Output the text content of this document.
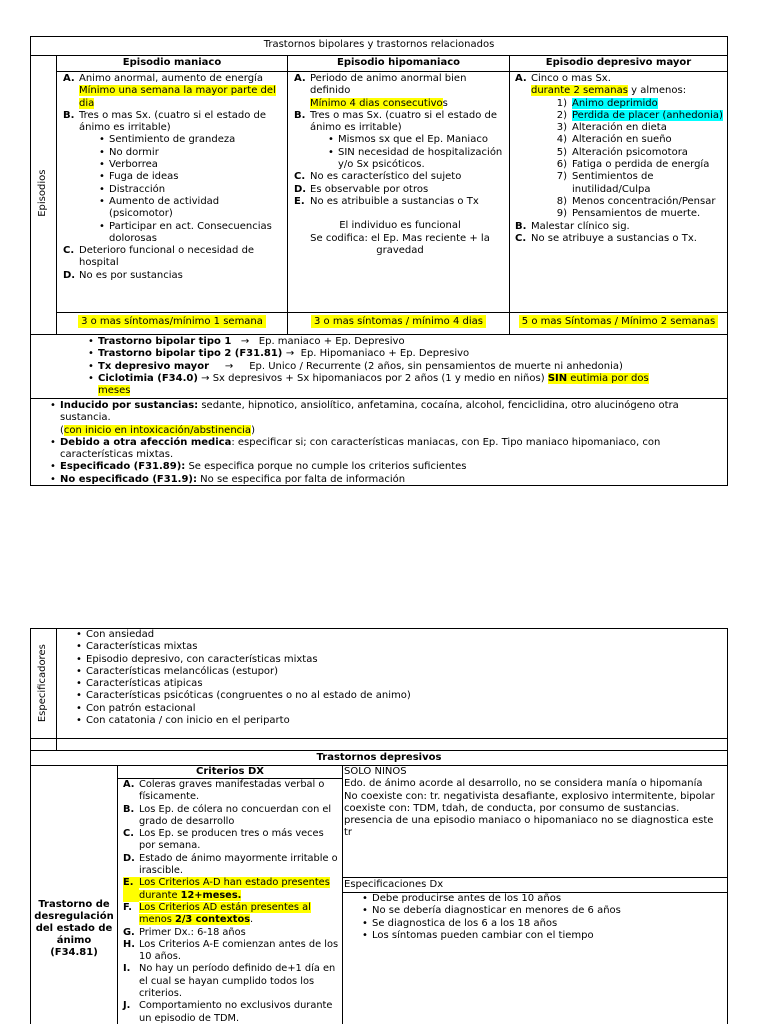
Trastornos bipolares y trastornos relacionados
Episodios
Episodio maniaco	Episodio hipomaniaco	Episodio depresivo mayor
A. Animo anormal, aumento de energía
Mínimo una semana la mayor parte del dia
B. Tres o mas Sx. (cuatro si el estado de ánimo es irritable)
• Sentimiento de grandeza
• No dormir
• Verborrea
• Fuga de ideas
• Distracción
• Aumento de actividad (psicomotor)
• Participar en act. Consecuencias dolorosas
C. Deterioro funcional o necesidad de hospital
D. No es por sustancias
3 o mas síntomas/mínimo 1 semana
A. Periodo de animo anormal bien definido
Mínimo 4 dias consecutivos
B. Tres o mas Sx. (cuatro si el estado de ánimo es irritable)
• Mismos sx que el Ep. Maniaco
• SIN necesidad de hospitalización y/o Sx psicóticos.
C. No es característico del sujeto
D. Es observable por otros
E. No es atribuible a sustancias o Tx
El individuo es funcional
Se codifica: el Ep. Mas reciente + la gravedad
3 o mas síntomas / mínimo 4 dias
A. Cinco o mas Sx.
durante 2 semanas y almenos:
1) Animo deprimido
2) Perdida de placer (anhedonia)
3) Alteración en dieta
4) Alteración en sueño
5) Alteración psicomotora
6) Fatiga o perdida de energía
7) Sentimientos de inutilidad/Culpa
8) Menos concentración/Pensar
9) Pensamientos de muerte.
B. Malestar clínico sig.
C. No se atribuye a sustancias o Tx.
5 o mas Síntomas / Mínimo 2 semanas
• Trastorno bipolar tipo 1 → Ep. maniaco + Ep. Depresivo
• Trastorno bipolar tipo 2 (F31.81) → Ep. Hipomaniaco + Ep. Depresivo
• Tx depresivo mayor → Ep. Unico / Recurrente (2 años, sin pensamientos de muerte ni anhedonia)
• Ciclotimia (F34.0) → Sx depresivos + Sx hipomaniacos por 2 años (1 y medio en niños) SIN eutimia por dos
meses
• Inducido por sustancias: sedante, hipnotico, ansiolítico, anfetamina, cocaína, alcohol, fenciclidina, otro alucinógeno otra sustancia.
(con inicio en intoxicación/abstinencia)
• Debido a otra afección medica: especificar si; con características maniacas, con Ep. Tipo maniaco hipomaniaco, con características mixtas.
• Especificado (F31.89): Se especifica porque no cumple los criterios suficientes
• No especificado (F31.9): No se especifica por falta de información
Especificadores
• Con ansiedad
• Características mixtas
• Episodio depresivo, con características mixtas
• Características melancólicas (estupor)
• Características atipicas
• Características psicóticas (congruentes o no al estado de animo)
• Con patrón estacional
• Con catatonia / con inicio en el periparto
Trastornos depresivos
Trastorno de desregulación del estado de ánimo (F34.81)
Criterios DX
A. Coleras graves manifestadas verbal o físicamente.
B. Los Ep. de cólera no concuerdan con el grado de desarrollo
C. Los Ep. se producen tres o más veces por semana.
D. Estado de ánimo mayormente irritable o irascible.
E. Los Criterios A-D han estado presentes durante 12+meses.
F. Los Criterios AD están presentes al menos 2/3 contextos.
G. Primer Dx.: 6-18 años
H. Los Criterios A-E comienzan antes de los 10 años.
I. No hay un período definido de+1 día en el cual se hayan cumplido todos los criterios.
J. Comportamiento no exclusivos durante un episodio de TDM.
SOLO NIÑOS
Edo. de ánimo acorde al desarrollo, no se considera manía o hipomanía
No coexiste con: tr. negativista desafiante, explosivo intermitente, bipolar
coexiste con: TDM, tdah, de conducta, por consumo de sustancias.
presencia de una episodio maniaco o hipomaniaco no se diagnostica este tr
Especificaciones Dx
• Debe producirse antes de los 10 años
• No se debería diagnosticar en menores de 6 años
• Se diagnostica de los 6 a los 18 años
• Los síntomas pueden cambiar con el tiempo
